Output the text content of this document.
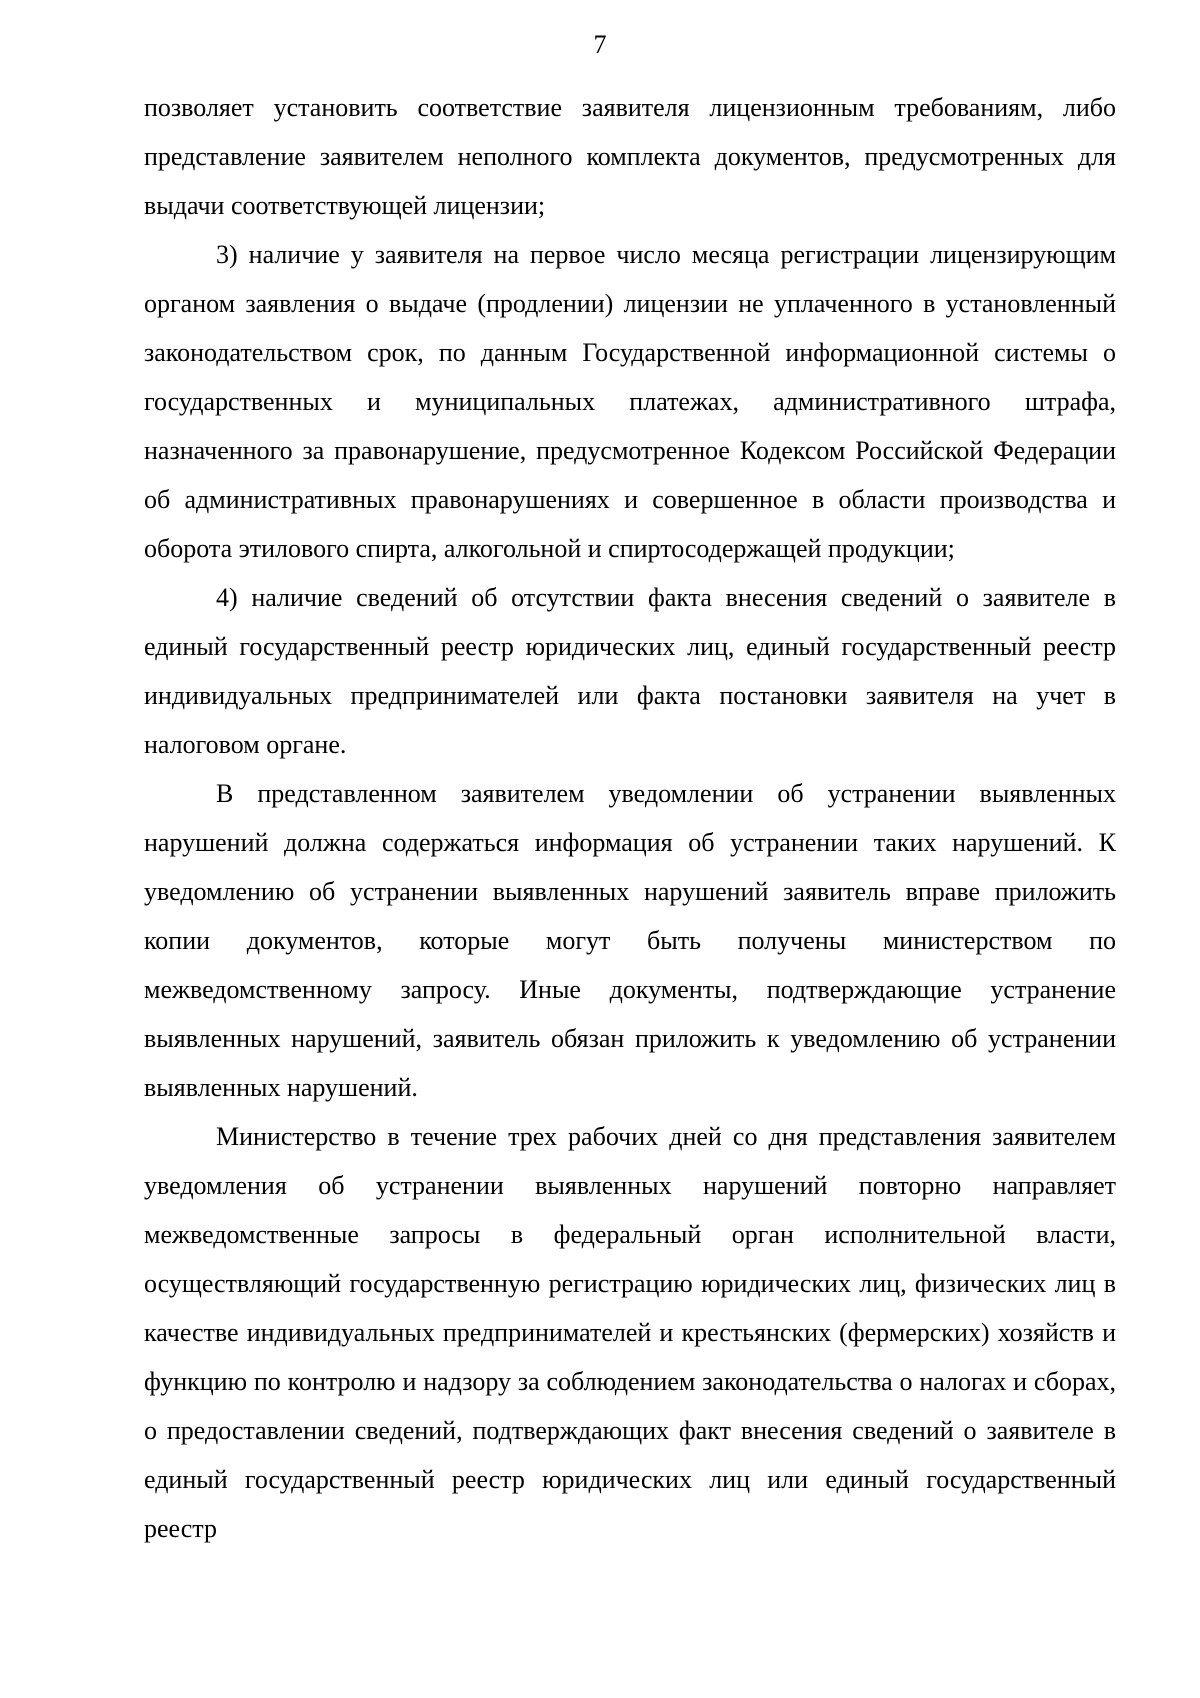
7

позволяет установить соответствие заявителя лицензионным требованиям, либо представление заявителем неполного комплекта документов, предусмотренных для выдачи соответствующей лицензии;

3) наличие у заявителя на первое число месяца регистрации лицензирующим органом заявления о выдаче (продлении) лицензии не уплаченного в установленный законодательством срок, по данным Государственной информационной системы о государственных и муниципальных платежах, административного штрафа, назначенного за правонарушение, предусмотренное Кодексом Российской Федерации об административных правонарушениях и совершенное в области производства и оборота этилового спирта, алкогольной и спиртосодержащей продукции;

4) наличие сведений об отсутствии факта внесения сведений о заявителе в единый государственный реестр юридических лиц, единый государственный реестр индивидуальных предпринимателей или факта постановки заявителя на учет в налоговом органе.

В представленном заявителем уведомлении об устранении выявленных нарушений должна содержаться информация об устранении таких нарушений. К уведомлению об устранении выявленных нарушений заявитель вправе приложить копии документов, которые могут быть получены министерством по межведомственному запросу. Иные документы, подтверждающие устранение выявленных нарушений, заявитель обязан приложить к уведомлению об устранении выявленных нарушений.

Министерство в течение трех рабочих дней со дня представления заявителем уведомления об устранении выявленных нарушений повторно направляет межведомственные запросы в федеральный орган исполнительной власти, осуществляющий государственную регистрацию юридических лиц, физических лиц в качестве индивидуальных предпринимателей и крестьянских (фермерских) хозяйств и функцию по контролю и надзору за соблюдением законодательства о налогах и сборах, о предоставлении сведений, подтверждающих факт внесения сведений о заявителе в единый государственный реестр юридических лиц или единый государственный реестр
